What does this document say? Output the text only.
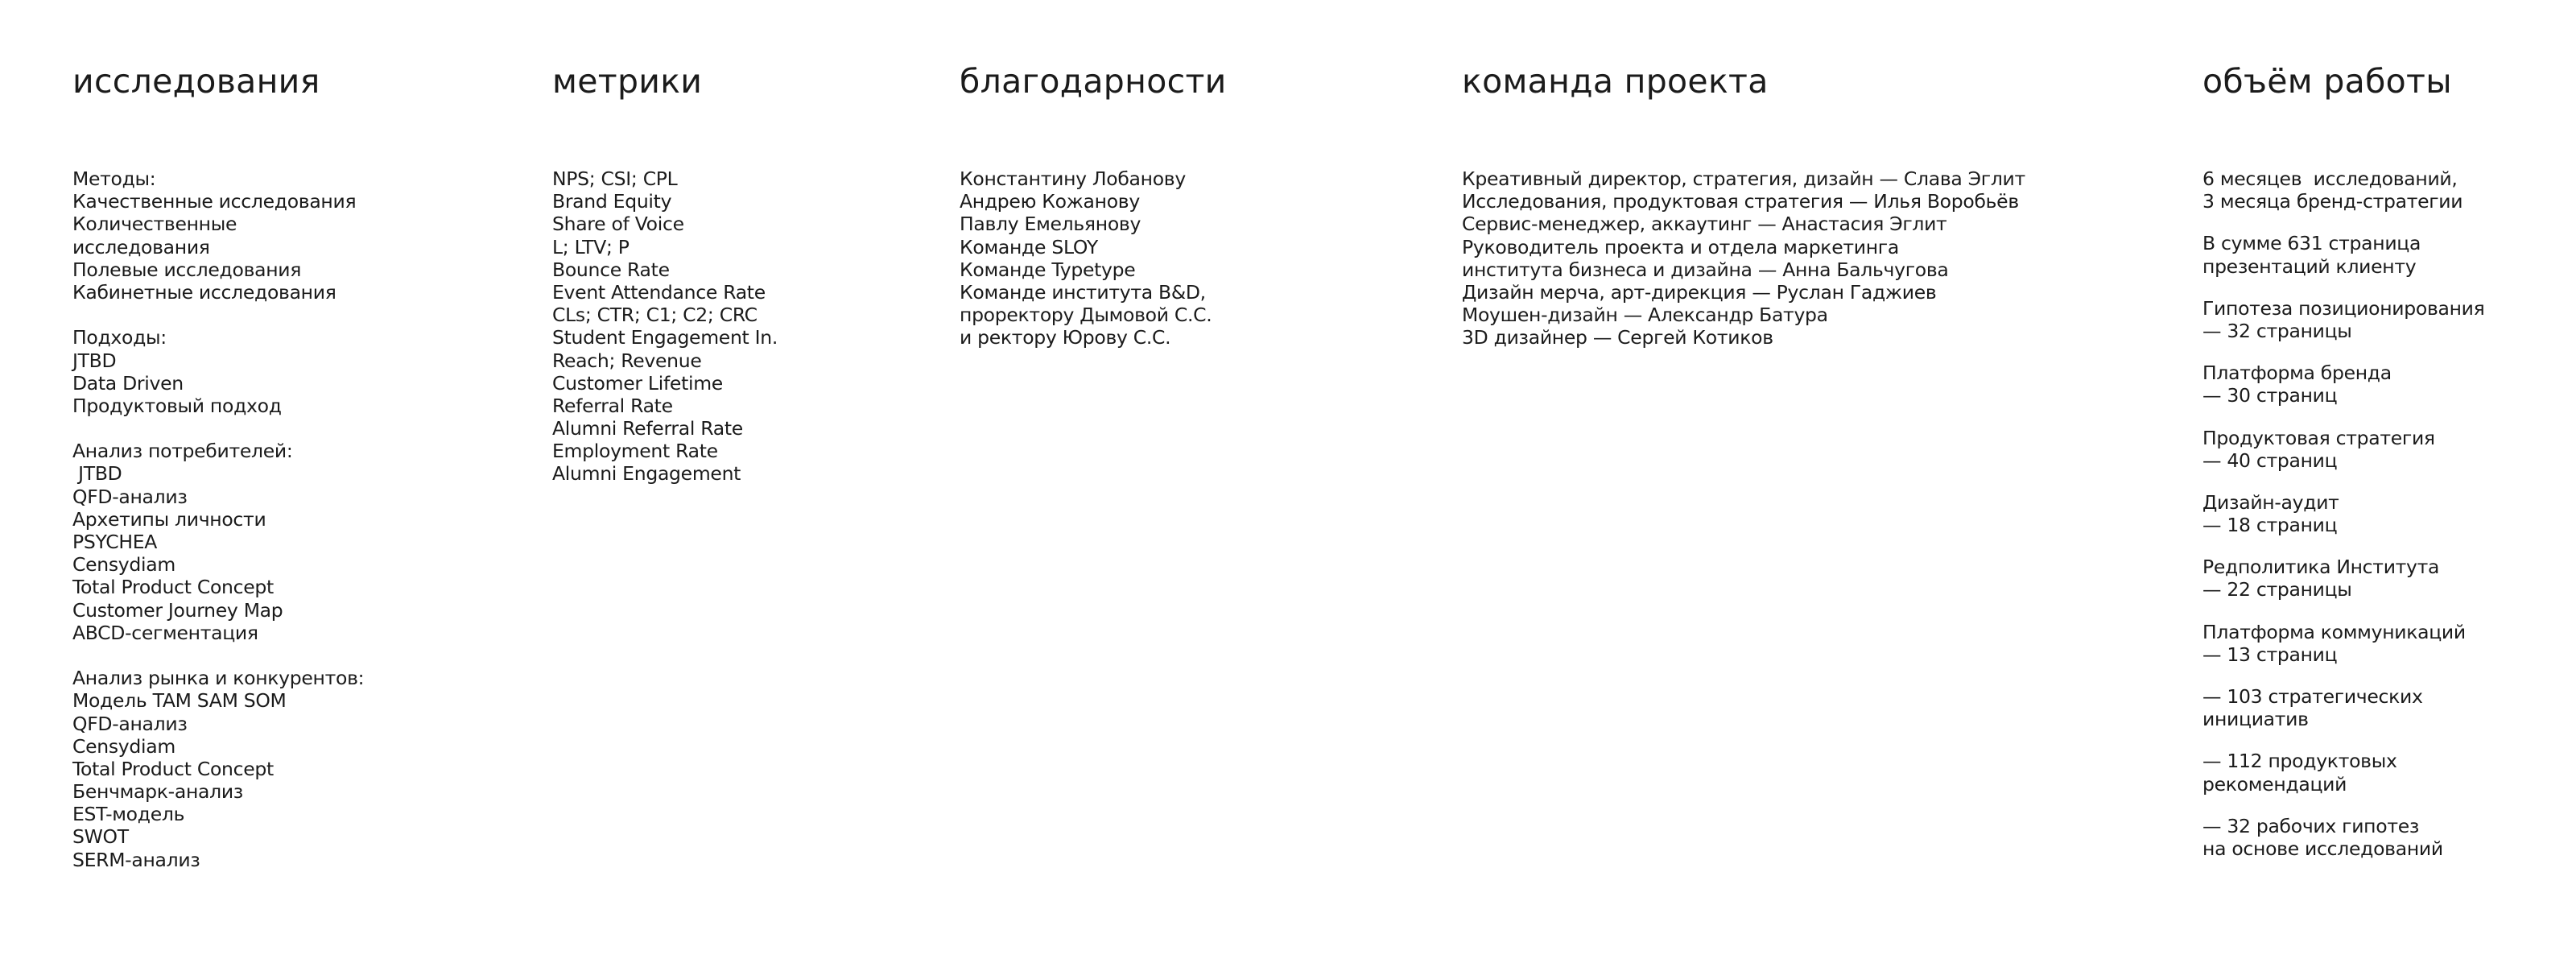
исследования
Методы:
Качественные исследования
Количественные
исследования
Полевые исследования
Кабинетные исследования
Подходы:
JTBD
Data Driven
Продуктовый подход
Анализ потребителей:
JTBD
QFD-анализ
Архетипы личности
PSYCHEA
Censydiam
Total Product Concept
Customer Journey Map
ABCD-сегментация
Анализ рынка и конкурентов:
Модель TAM SAM SOM
QFD-анализ
Censydiam
Total Product Concept
Бенчмарк-анализ
EST-модель
SWOT
SERM-анализ
метрики
NPS; CSI; CPL
Brand Equity
Share of Voice
L; LTV; P
Bounce Rate
Event Attendance Rate
CLs; CTR; C1; C2; CRC
Student Engagement In.
Reach; Revenue
Customer Lifetime
Referral Rate
Alumni Referral Rate
Employment Rate
Alumni Engagement
благодарности
Константину Лобанову
Андрею Кожанову
Павлу Емельянову
Команде SLOY
Команде Typetype
Команде института B&D,
проректору Дымовой С.С.
и ректору Юрову С.С.
команда проекта
Креативный директор, стратегия, дизайн — Слава Эглит
Исследования, продуктовая стратегия — Илья Воробьёв
Сервис-менеджер, аккаутинг — Анастасия Эглит
Руководитель проекта и отдела маркетинга
института бизнеса и дизайна — Анна Бальчугова
Дизайн мерча, арт-дирекция — Руслан Гаджиев
Моушен-дизайн — Александр Батура
3D дизайнер — Сергей Котиков
объём работы
6 месяцев  исследований,
3 месяца бренд-стратегии
В сумме 631 страница
презентаций клиенту
Гипотеза позиционирования
— 32 страницы
Платформа бренда
— 30 страниц
Продуктовая стратегия
— 40 страниц
Дизайн-аудит
— 18 страниц
Редполитика Института
— 22 страницы
Платформа коммуникаций
— 13 страниц
— 103 стратегических
инициатив
— 112 продуктовых
рекомендаций
— 32 рабочих гипотез
на основе исследований
